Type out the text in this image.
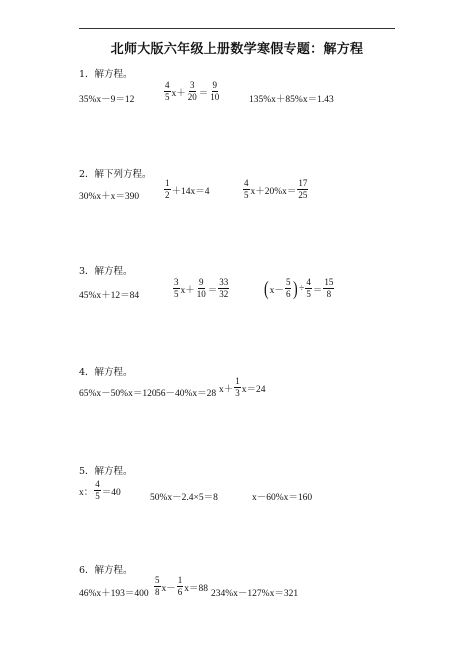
北师大版六年级上册数学寒假专题：解方程
1．解方程。
35%x－9＝12	$\frac{4}{5} x+ \frac{3}{20} = \frac{9}{10}$	135%x＋85%x＝1.43
2．解下列方程。
30%x＋x＝390	$\frac{1}{2} +14x=4$	$\frac{4}{5} x+20\%x= \frac{17}{25}$
3．解方程。
45%x＋12＝84	$\frac{3}{5} x+ \frac{9}{10} = \frac{33}{32}$ ( $x- \frac{5}{6}$ ) ÷ $\frac{4}{5} = \frac{15}{8}$
4．解方程。
65%x－50%x＝120 56－40%x＝28 $x+ \frac{1}{3} x=24$
5．解方程。
x： $\frac{4}{5} =40$
50%x－2.4×5＝8	x－60%x＝160
6．解方程。
$46\%x+193=400 \frac{5}{8} x- \frac{1}{6} x=88$
234%x－127%x＝321
